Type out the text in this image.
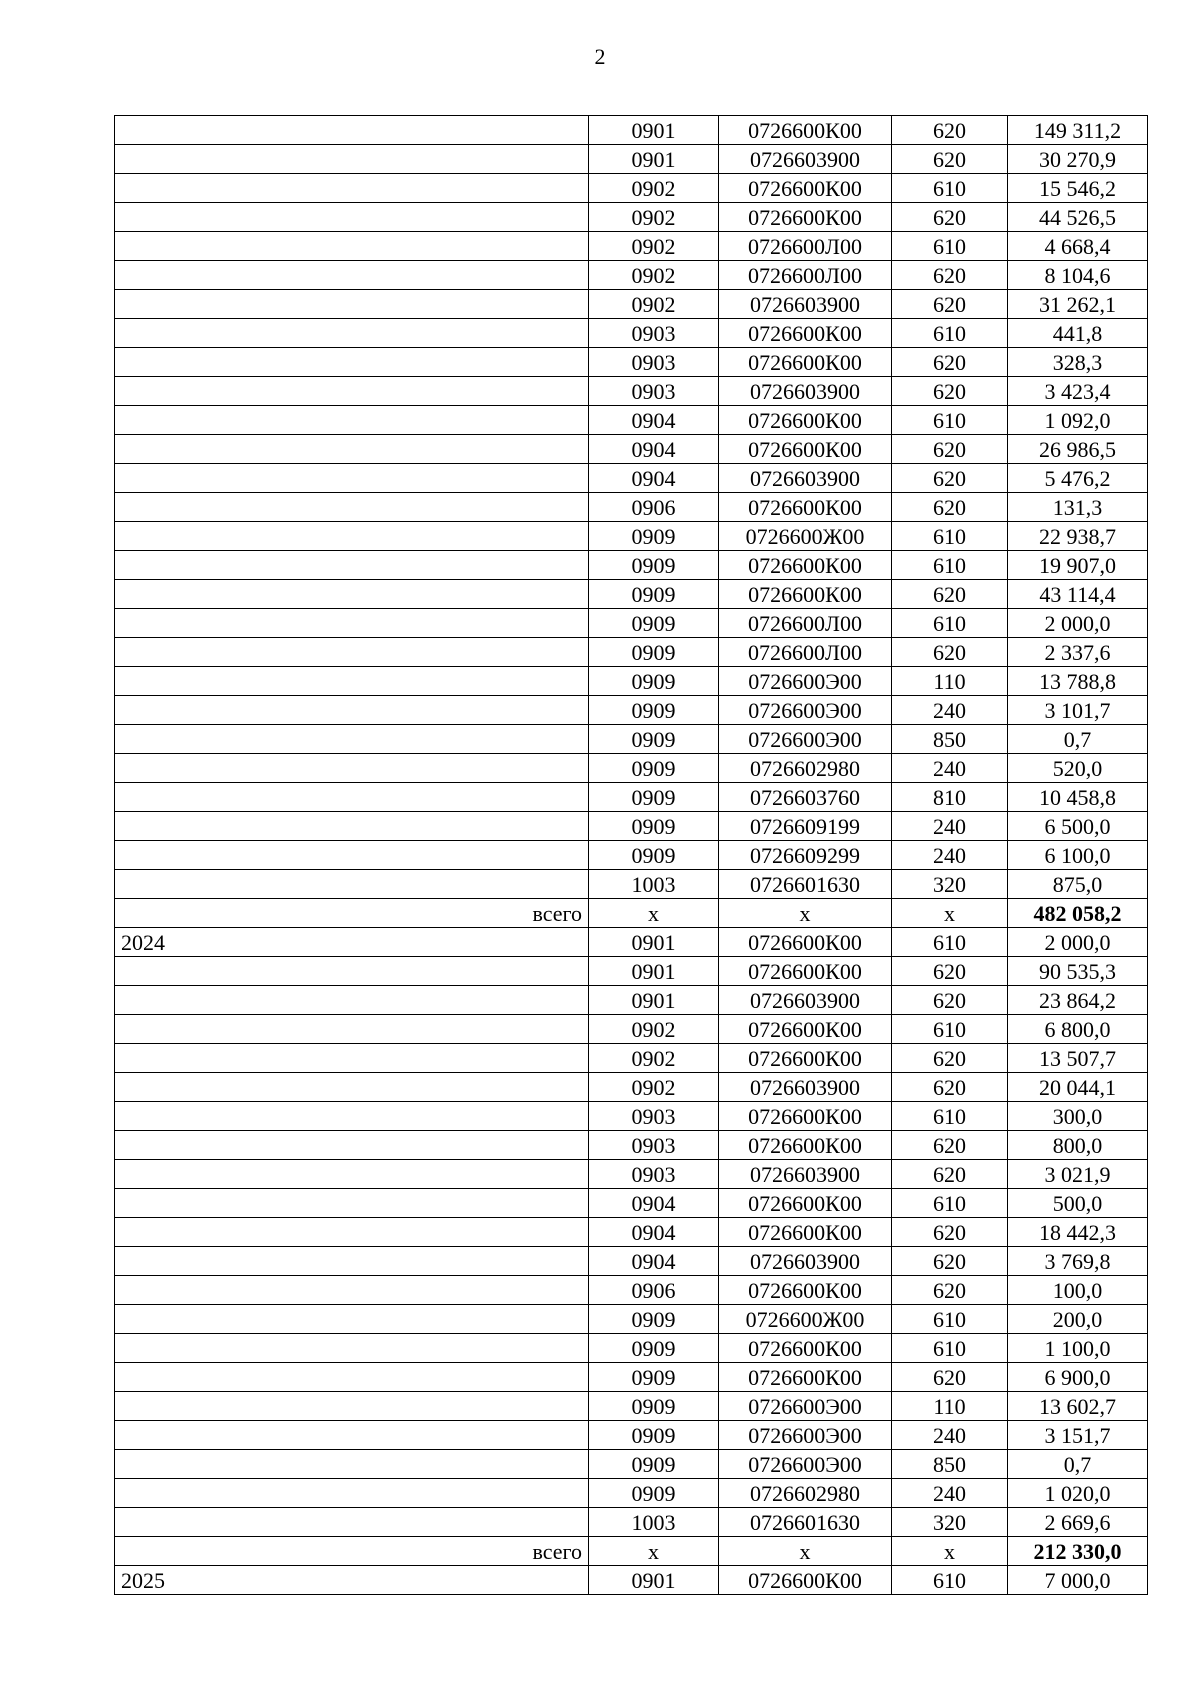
2
	0901	0726600К00	620	149 311,2
	0901	0726603900	620	30 270,9
	0902	0726600К00	610	15 546,2
	0902	0726600К00	620	44 526,5
	0902	0726600Л00	610	4 668,4
	0902	0726600Л00	620	8 104,6
	0902	0726603900	620	31 262,1
	0903	0726600К00	610	441,8
	0903	0726600К00	620	328,3
	0903	0726603900	620	3 423,4
	0904	0726600К00	610	1 092,0
	0904	0726600К00	620	26 986,5
	0904	0726603900	620	5 476,2
	0906	0726600К00	620	131,3
	0909	0726600Ж00	610	22 938,7
	0909	0726600К00	610	19 907,0
	0909	0726600К00	620	43 114,4
	0909	0726600Л00	610	2 000,0
	0909	0726600Л00	620	2 337,6
	0909	0726600Э00	110	13 788,8
	0909	0726600Э00	240	3 101,7
	0909	0726600Э00	850	0,7
	0909	0726602980	240	520,0
	0909	0726603760	810	10 458,8
	0909	0726609199	240	6 500,0
	0909	0726609299	240	6 100,0
	1003	0726601630	320	875,0
всего	х	х	х	482 058,2
2024	0901	0726600К00	610	2 000,0
	0901	0726600К00	620	90 535,3
	0901	0726603900	620	23 864,2
	0902	0726600К00	610	6 800,0
	0902	0726600К00	620	13 507,7
	0902	0726603900	620	20 044,1
	0903	0726600К00	610	300,0
	0903	0726600К00	620	800,0
	0903	0726603900	620	3 021,9
	0904	0726600К00	610	500,0
	0904	0726600К00	620	18 442,3
	0904	0726603900	620	3 769,8
	0906	0726600К00	620	100,0
	0909	0726600Ж00	610	200,0
	0909	0726600К00	610	1 100,0
	0909	0726600К00	620	6 900,0
	0909	0726600Э00	110	13 602,7
	0909	0726600Э00	240	3 151,7
	0909	0726600Э00	850	0,7
	0909	0726602980	240	1 020,0
	1003	0726601630	320	2 669,6
всего	х	х	х	212 330,0
2025	0901	0726600К00	610	7 000,0
